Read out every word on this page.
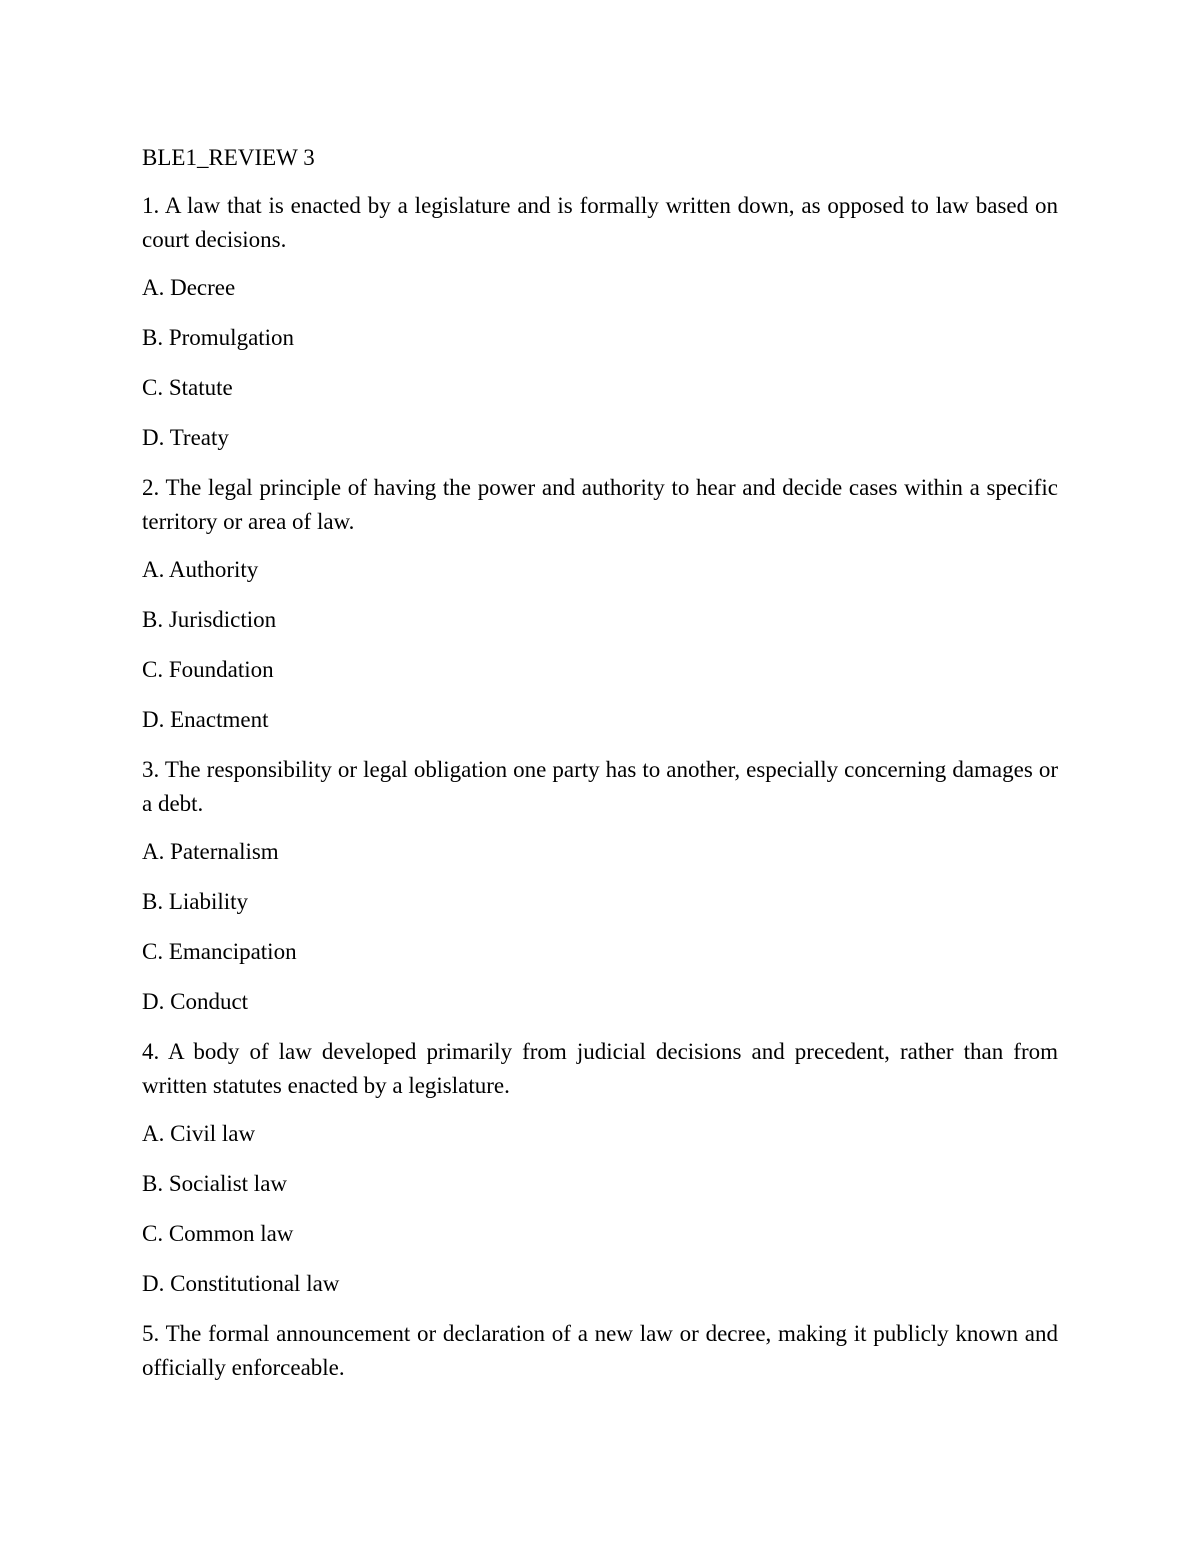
BLE1_REVIEW 3
1. A law that is enacted by a legislature and is formally written down, as opposed to law based on court decisions.
A. Decree
B. Promulgation
C. Statute
D. Treaty
2. The legal principle of having the power and authority to hear and decide cases within a specific territory or area of law.
A. Authority
B. Jurisdiction
C. Foundation
D. Enactment
3. The responsibility or legal obligation one party has to another, especially concerning damages or a debt.
A. Paternalism
B. Liability
C. Emancipation
D. Conduct
4. A body of law developed primarily from judicial decisions and precedent, rather than from written statutes enacted by a legislature.
A. Civil law
B. Socialist law
C. Common law
D. Constitutional law
5. The formal announcement or declaration of a new law or decree, making it publicly known and officially enforceable.
